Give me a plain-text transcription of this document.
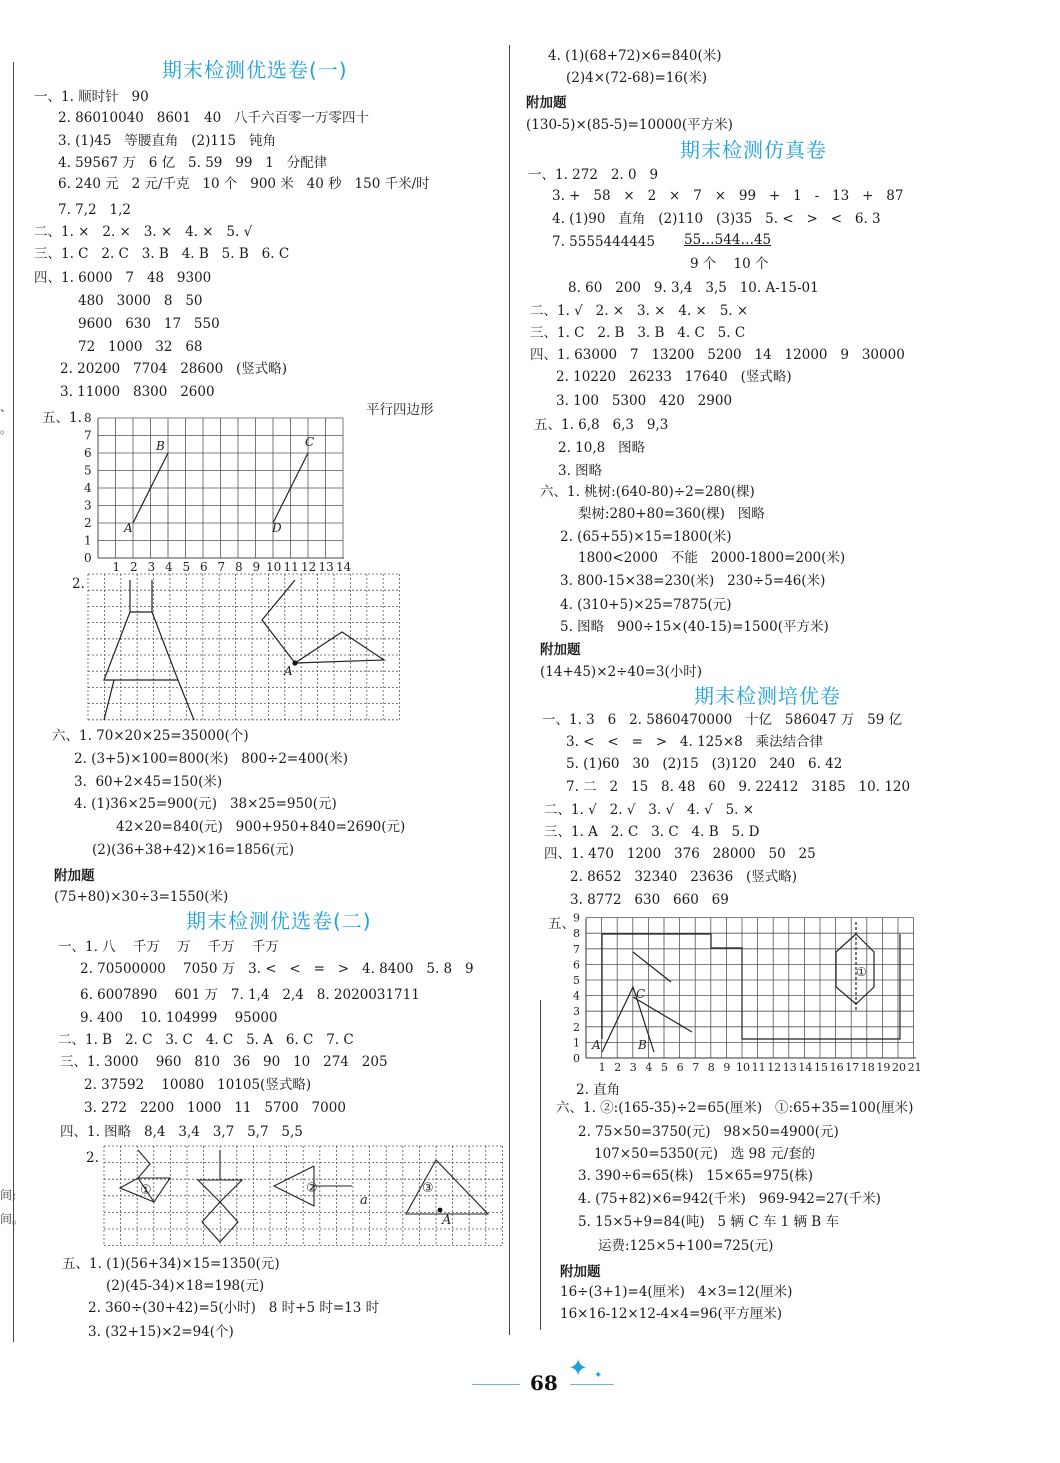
、
。
间;
间。
期末检测优选卷(一)
一、1. 顺时针   90
2. 86010040   8601   40   八千六百零一万零四十
3. (1)45   等腰直角   (2)115   钝角
4. 59567 万   6 亿   5. 59   99   1   分配律
6. 240 元   2 元/千克   10 个   900 米   40 秒   150 千米/时
7. 7,2   1,2
二、1. ×   2. ×   3. ×   4. ×   5. √
三、1. C   2. C   3. B   4. B   5. B   6. C
四、1. 6000   7   48   9300
480   3000   8   50
9600   630   17   550
72   1000   32   68
2. 20200   7704   28600   (竖式略)
3. 11000   8300   2600
五、1.	平行四边形
0
1
2
3
4
5
6
7
8
1 2 3 4 5 6 7 8 9 10 11 12 13 14
B	C
A	D
2.
A
六、1. 70×20×25=35000(个)
2. (3+5)×100=800(米)   800÷2=400(米)
3.  60+2×45=150(米)
4. (1)36×25=900(元)   38×25=950(元)
42×20=840(元)   900+950+840=2690(元)
(2)(36+38+42)×16=1856(元)
附加题
(75+80)×30÷3=1550(米)
期末检测优选卷(二)
一、1. 八    千万    万    千万    千万
2. 70500000    7050 万   3. <   <   =   >   4. 8400   5. 8   9
6. 6007890    601 万   7. 1,4   2,4   8. 2020031711
9. 400    10. 104999    95000
二、1. B   2. C   3. C   4. C   5. A   6. C   7. C
三、1. 3000    960   810   36   90   10   274   205
2. 37592    10080   10105(竖式略)
3. 272   2200   1000   11   5700   7000
四、1. 图略   8,4   3,4   3,7   5,7   5,5
2.
①	②	③
a
A
五、1. (1)(56+34)×15=1350(元)
(2)(45-34)×18=198(元)
2. 360÷(30+42)=5(小时)   8 时+5 时=13 时
3. (32+15)×2=94(个)
4. (1)(68+72)×6=840(米)
(2)4×(72-68)=16(米)
附加题
(130-5)×(85-5)=10000(平方米)
期末检测仿真卷
一、1. 272   2. 0   9
3. +   58   ×   2   ×   7   ×   99   +   1   -   13   +   87
4. (1)90   直角   (2)110   (3)35   5. <   >   <   6. 3
7. 5555444445 55…544…45
9 个    10 个
8. 60   200   9. 3,4   3,5   10. A-15-01
二、1. √   2. ×   3. ×   4. ×   5. ×
三、1. C   2. B   3. B   4. C   5. C
四、1. 63000   7   13200   5200   14   12000   9   30000
2. 10220   26233   17640   (竖式略)
3. 100   5300   420   2900
五、1. 6,8   6,3   9,3
2. 10,8   图略
3. 图略
六、1. 桃树:(640-80)÷2=280(棵)
梨树:280+80=360(棵)   图略
2. (65+55)×15=1800(米)
1800<2000   不能   2000-1800=200(米)
3. 800-15×38=230(米)   230÷5=46(米)
4. (310+5)×25=7875(元)
5. 图略   900÷15×(40-15)=1500(平方米)
附加题
(14+45)×2÷40=3(小时)
期末检测培优卷
一、1. 3   6   2. 5860470000   十亿   586047 万   59 亿
3. <   <   =   >   4. 125×8   乘法结合律
5. (1)60   30   (2)15   (3)120   240   6. 42
7. 二   2   15   8. 48   60   9. 22412   3185   10. 120
二、1. √   2. √   3. √   4. √   5. ×
三、1. A   2. C   3. C   4. B   5. D
四、1. 470   1200   376   28000   50   25
2. 8652   32340   23636   (竖式略)
3. 8772   630   660   69
五、
0
1
2
3
4
5
6
7
8
9
1 2 3 4 5 6 7 8 9 10 11 12 13 14 15 16 17 18 19 20 21
A	B
C
①
2. 直角
六、1. ②:(165-35)÷2=65(厘米)   ①:65+35=100(厘米)
2. 75×50=3750(元)   98×50=4900(元)
107×50=5350(元)   选 98 元/套的
3. 390÷6=65(株)   15×65=975(株)
4. (75+82)×6=942(千米)   969-942=27(千米)
5. 15×5+9=84(吨)   5 辆 C 车 1 辆 B 车
运费:125×5+100=725(元)
附加题
16÷(3+1)=4(厘米)   4×3=12(厘米)
16×16-12×12-4×4=96(平方厘米)
68
✦ ✦
